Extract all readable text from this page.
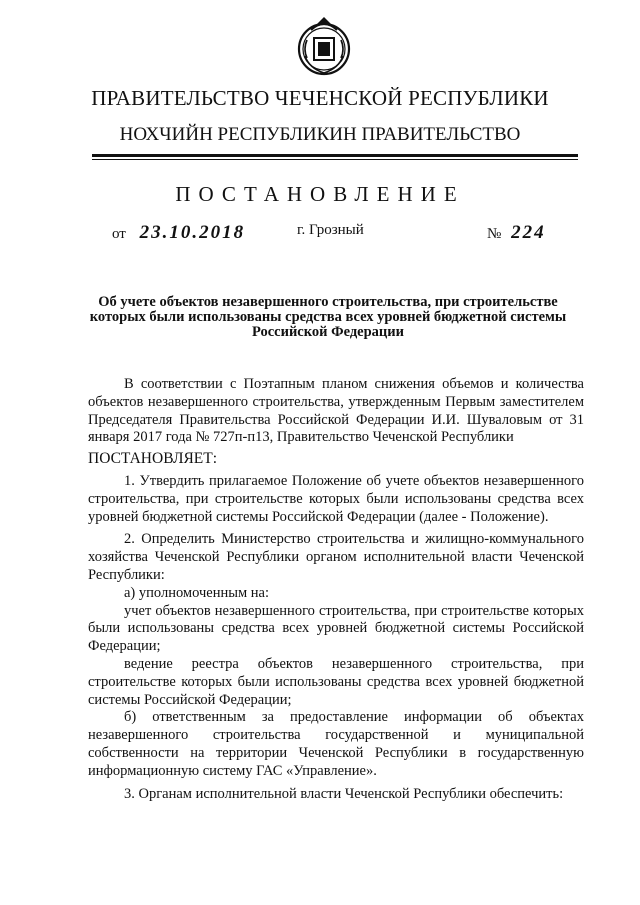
ПРАВИТЕЛЬСТВО ЧЕЧЕНСКОЙ РЕСПУБЛИКИ
НОХЧИЙН РЕСПУБЛИКИН ПРАВИТЕЛЬСТВО
ПОСТАНОВЛЕНИЕ
от 23.10.2018	г. Грозный	№ 224
Об учете объектов незавершенного строительства, при строительстве которых были использованы средства всех уровней бюджетной системы Российской Федерации

В соответствии с Поэтапным планом снижения объемов и количества объектов незавершенного строительства, утвержденным Первым заместителем Председателя Правительства Российской Федерации И.И. Шуваловым от 31 января 2017 года № 727п-п13, Правительство Чеченской Республики

ПОСТАНОВЛЯЕТ:

1. Утвердить прилагаемое Положение об учете объектов незавершенного строительства, при строительстве которых были использованы средства всех уровней бюджетной системы Российской Федерации (далее - Положение).

2. Определить Министерство строительства и жилищно-коммунального хозяйства Чеченской Республики органом исполнительной власти Чеченской Республики:

а) уполномоченным на:

учет объектов незавершенного строительства, при строительстве которых были использованы средства всех уровней бюджетной системы Российской Федерации;

ведение реестра объектов незавершенного строительства, при строительстве которых были использованы средства всех уровней бюджетной системы Российской Федерации;

б) ответственным за предоставление информации об объектах незавершенного строительства государственной и муниципальной собственности на территории Чеченской Республики в государственную информационную систему ГАС «Управление».

3. Органам исполнительной власти Чеченской Республики обеспечить:
